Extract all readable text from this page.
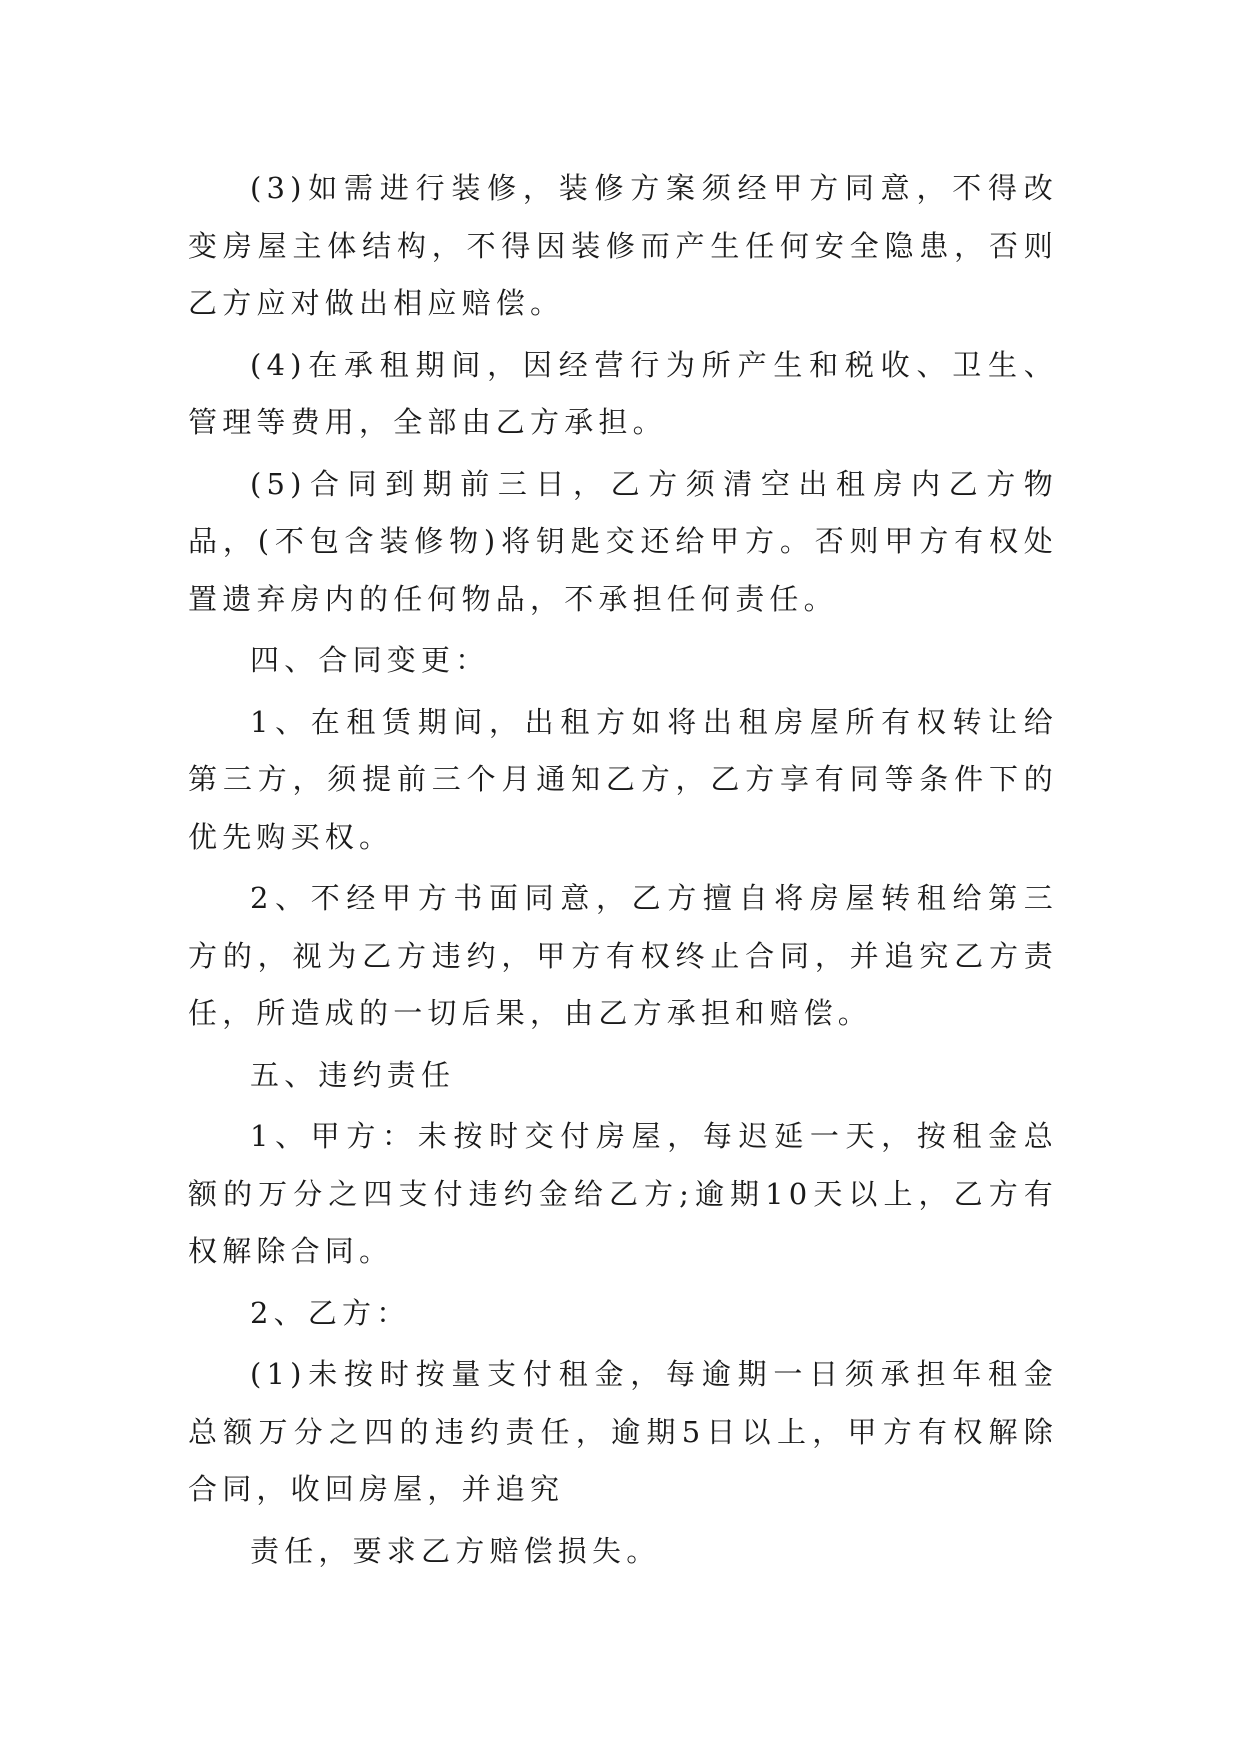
(3)如需进行装修，装修方案须经甲方同意，不得改变房屋主体结构，不得因装修而产生任何安全隐患，否则乙方应对做出相应赔偿。

(4)在承租期间，因经营行为所产生和税收、卫生、管理等费用，全部由乙方承担。

(5)合同到期前三日，乙方须清空出租房内乙方物品，(不包含装修物)将钥匙交还给甲方。否则甲方有权处置遗弃房内的任何物品，不承担任何责任。

四、合同变更：

1、在租赁期间，出租方如将出租房屋所有权转让给第三方，须提前三个月通知乙方，乙方享有同等条件下的优先购买权。

2、不经甲方书面同意，乙方擅自将房屋转租给第三方的，视为乙方违约，甲方有权终止合同，并追究乙方责任，所造成的一切后果，由乙方承担和赔偿。

五、违约责任

1、甲方：未按时交付房屋，每迟延一天，按租金总额的万分之四支付违约金给乙方;逾期10天以上，乙方有权解除合同。

2、乙方：

(1)未按时按量支付租金，每逾期一日须承担年租金总额万分之四的违约责任，逾期5日以上，甲方有权解除合同，收回房屋，并追究

责任，要求乙方赔偿损失。
